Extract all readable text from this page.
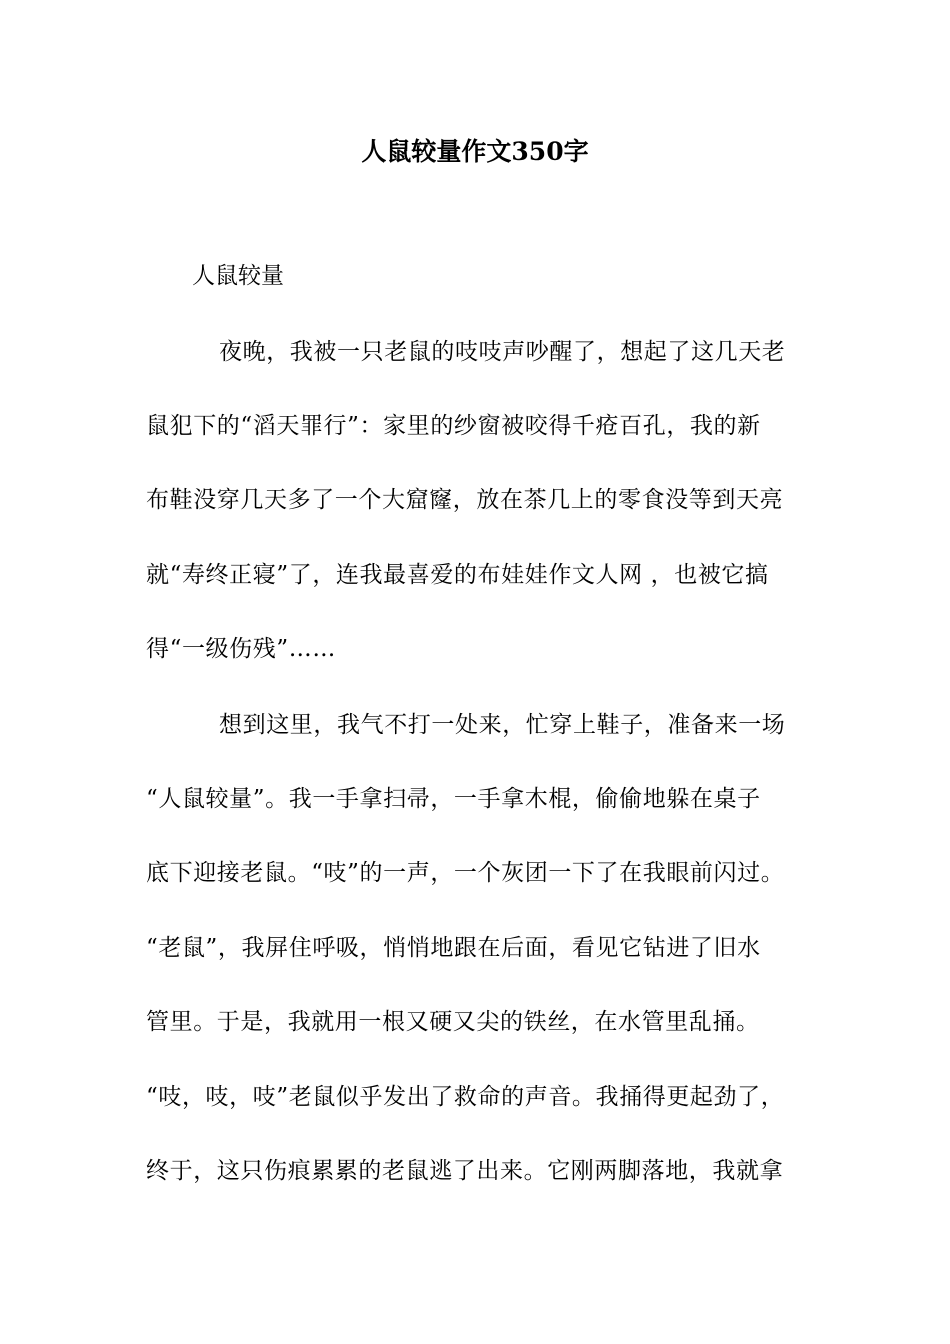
人鼠较量作文350字
人鼠较量
夜晚，我被一只老鼠的吱吱声吵醒了，想起了这几天老
鼠犯下的“滔天罪行”：家里的纱窗被咬得千疮百孔，我的新
布鞋没穿几天多了一个大窟窿，放在茶几上的零食没等到天亮
就“寿终正寝”了，连我最喜爱的布娃娃作文人网 ，也被它搞
得“一级伤残”……
想到这里，我气不打一处来，忙穿上鞋子，准备来一场
“人鼠较量”。我一手拿扫帚，一手拿木棍，偷偷地躲在桌子
底下迎接老鼠。“吱”的一声，一个灰团一下了在我眼前闪过。
“老鼠”，我屏住呼吸，悄悄地跟在后面，看见它钻进了旧水
管里。于是，我就用一根又硬又尖的铁丝，在水管里乱捅。
“吱，吱，吱”老鼠似乎发出了救命的声音。我捅得更起劲了，
终于，这只伤痕累累的老鼠逃了出来。它刚两脚落地，我就拿
